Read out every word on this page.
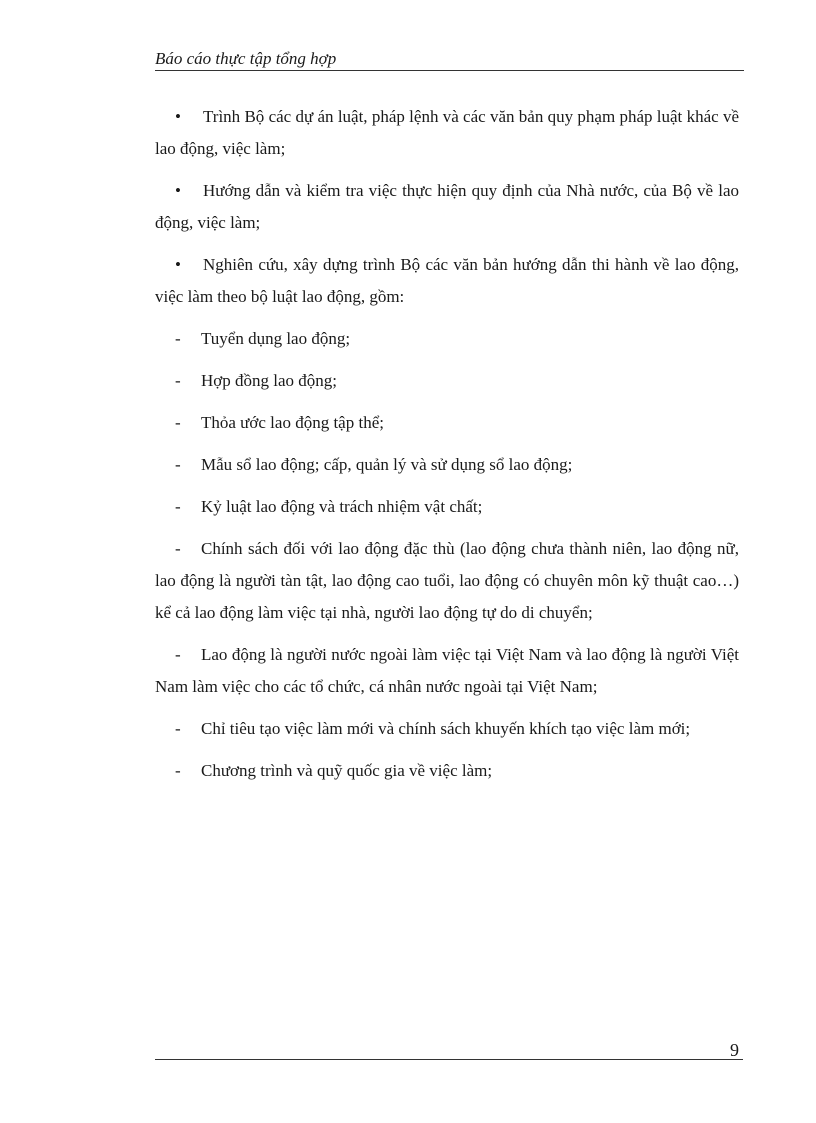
Báo cáo thực tập tổng hợp

• Trình Bộ các dự án luật, pháp lệnh và các văn bản quy phạm pháp luật khác về lao động, việc làm;

• Hướng dẫn và kiểm tra việc thực hiện quy định của Nhà nước, của Bộ về lao động, việc làm;

• Nghiên cứu, xây dựng trình Bộ các văn bản hướng dẫn thi hành về lao động, việc làm theo bộ luật lao động, gồm:

- Tuyển dụng lao động;

- Hợp đồng lao động;

- Thỏa ước lao động tập thể;

- Mẫu sổ lao động; cấp, quản lý và sử dụng sổ lao động;

- Kỷ luật lao động và trách nhiệm vật chất;

- Chính sách đối với lao động đặc thù (lao động chưa thành niên, lao động nữ, lao động là người tàn tật, lao động cao tuổi, lao động có chuyên môn kỹ thuật cao…) kể cả lao động làm việc tại nhà, người lao động tự do di chuyển;

- Lao động là người nước ngoài làm việc tại Việt Nam và lao động là người Việt Nam làm việc cho các tổ chức, cá nhân nước ngoài tại Việt Nam;

- Chỉ tiêu tạo việc làm mới và chính sách khuyến khích tạo việc làm mới;

- Chương trình và quỹ quốc gia về việc làm;

9
